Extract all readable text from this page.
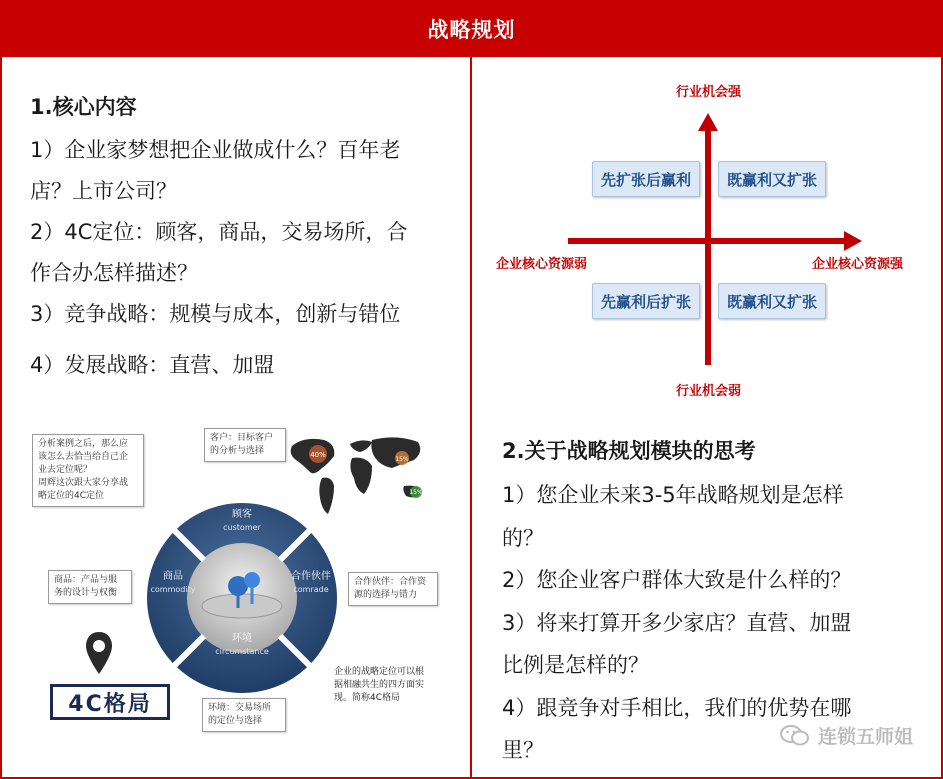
战略规划
1.核心内容
1）企业家梦想把企业做成什么？百年老
店？上市公司？
2）4C定位：顾客，商品，交易场所，合
作合办怎样描述？
3）竞争战略：规模与成本，创新与错位
4）发展战略：直营、加盟
40%
15%
15%
顾客
customer
商品
commodity
合作伙伴
comrade
环境
circumstance
分析案例之后，那么应
该怎么去恰当给自己企
业去定位呢？
周辉这次跟大家分享战
略定位的4C定位
客户：目标客户
的分析与选择
商品：产品与服
务的设计与权衡
合作伙伴：合作资
源的选择与错力
环境：交易场所
的定位与选择
企业的战略定位可以根
据相融共生的四方面实
现。简称4C格局
4C格局
行业机会强
行业机会弱
企业核心资源弱	企业核心资源强
先扩张后赢利	既赢利又扩张
先赢利后扩张	既赢利又扩张
2.关于战略规划模块的思考
1）您企业未来3-5年战略规划是怎样
的？
2）您企业客户群体大致是什么样的？
3）将来打算开多少家店？直营、加盟
比例是怎样的？
4）跟竞争对手相比，我们的优势在哪
里？
连锁五师姐
